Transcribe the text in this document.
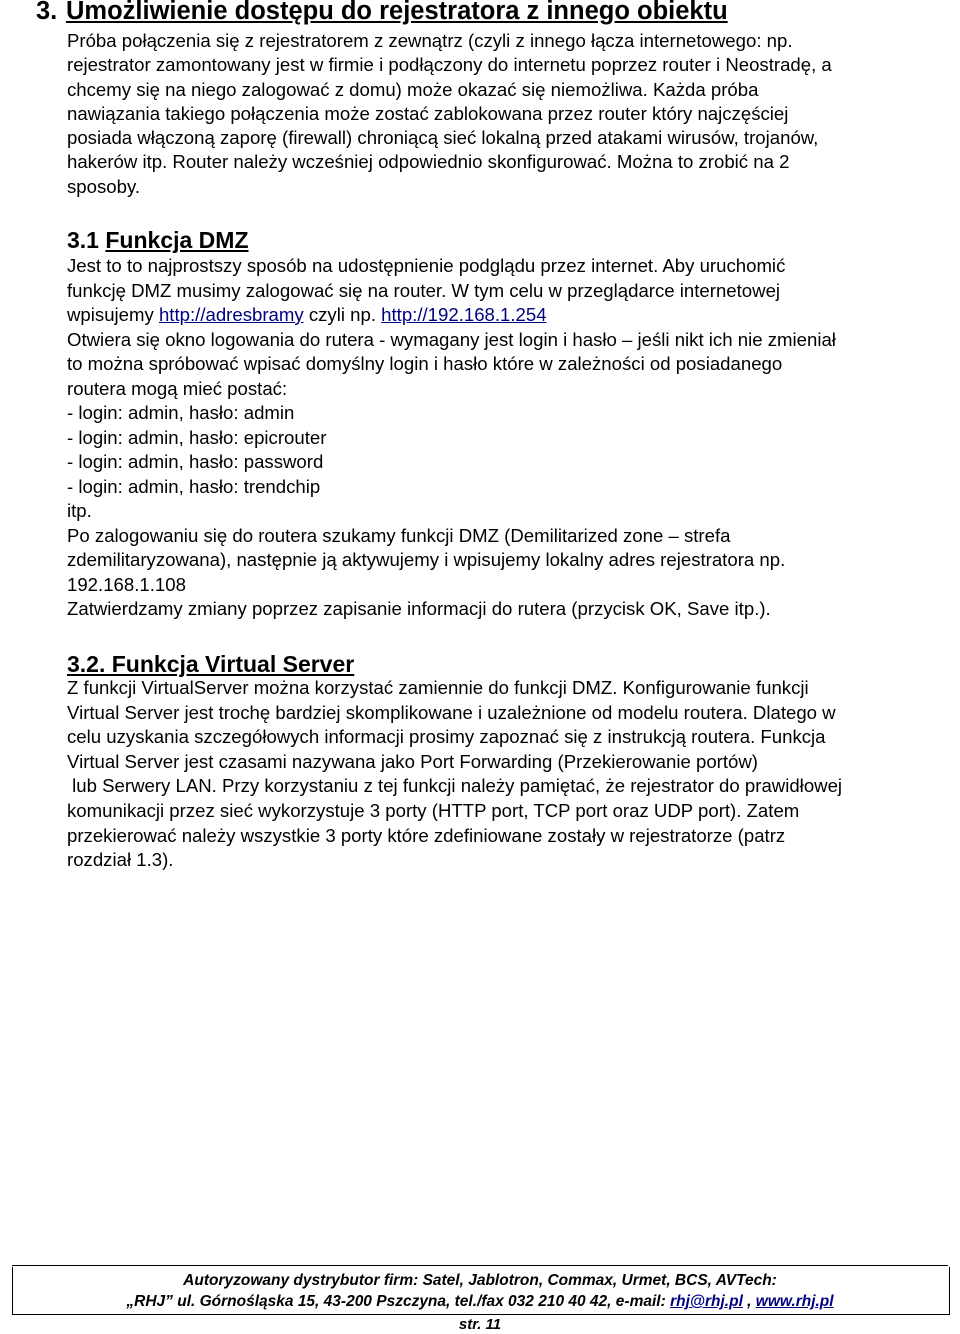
3. Umożliwienie dostępu do rejestratora z innego obiektu
Próba połączenia się z rejestratorem z zewnątrz (czyli z innego łącza internetowego: np.
rejestrator zamontowany jest w firmie i podłączony do internetu poprzez router i Neostradę, a
chcemy się na niego zalogować z domu) może okazać się niemożliwa. Każda próba
nawiązania takiego połączenia może zostać zablokowana przez router który najczęściej
posiada włączoną zaporę (firewall) chroniącą sieć lokalną przed atakami wirusów, trojanów,
hakerów itp. Router należy wcześniej odpowiednio skonfigurować. Można to zrobić na 2
sposoby.
3.1 Funkcja DMZ
Jest to to najprostszy sposób na udostępnienie podglądu przez internet. Aby uruchomić
funkcję DMZ musimy zalogować się na router. W tym celu w przeglądarce internetowej
wpisujemy http://adresbramy czyli np. http://192.168.1.254
Otwiera się okno logowania do rutera - wymagany jest login i hasło – jeśli nikt ich nie zmieniał
to można spróbować wpisać domyślny login i hasło które w zależności od posiadanego
routera mogą mieć postać:
- login: admin, hasło: admin
- login: admin, hasło: epicrouter
- login: admin, hasło: password
- login: admin, hasło: trendchip
itp.
Po zalogowaniu się do routera szukamy funkcji DMZ (Demilitarized zone – strefa
zdemilitaryzowana), następnie ją aktywujemy i wpisujemy lokalny adres rejestratora np.
192.168.1.108
Zatwierdzamy zmiany poprzez zapisanie informacji do rutera (przycisk OK, Save itp.).
3.2. Funkcja Virtual Server
Z funkcji VirtualServer można korzystać zamiennie do funkcji DMZ. Konfigurowanie funkcji
Virtual Server jest trochę bardziej skomplikowane i uzależnione od modelu routera. Dlatego w
celu uzyskania szczegółowych informacji prosimy zapoznać się z instrukcją routera. Funkcja
Virtual Server jest czasami nazywana jako Port Forwarding (Przekierowanie portów)
lub Serwery LAN. Przy korzystaniu z tej funkcji należy pamiętać, że rejestrator do prawidłowej
komunikacji przez sieć wykorzystuje 3 porty (HTTP port, TCP port oraz UDP port). Zatem
przekierować należy wszystkie 3 porty które zdefiniowane zostały w rejestratorze (patrz
rozdział 1.3).
Autoryzowany dystrybutor firm: Satel, Jablotron, Commax, Urmet, BCS, AVTech:
„RHJ” ul. Górnośląska 15, 43-200 Pszczyna, tel./fax 032 210 40 42, e-mail: rhj@rhj.pl , www.rhj.pl
str. 11
